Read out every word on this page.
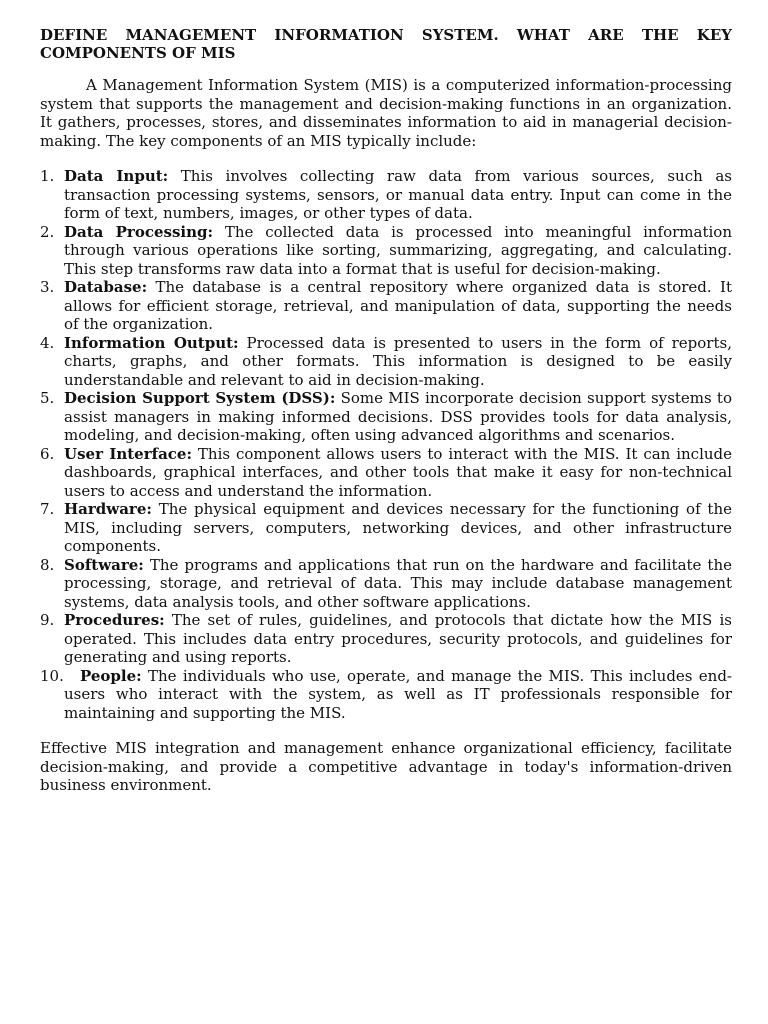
DEFINE MANAGEMENT INFORMATION SYSTEM. WHAT ARE THE KEY COMPONENTS OF MIS

A Management Information System (MIS) is a computerized information-processing system that supports the management and decision-making functions in an organization. It gathers, processes, stores, and disseminates information to aid in managerial decision-making. The key components of an MIS typically include:

1. Data Input: This involves collecting raw data from various sources, such as transaction processing systems, sensors, or manual data entry. Input can come in the form of text, numbers, images, or other types of data.
2. Data Processing: The collected data is processed into meaningful information through various operations like sorting, summarizing, aggregating, and calculating. This step transforms raw data into a format that is useful for decision-making.
3. Database: The database is a central repository where organized data is stored. It allows for efficient storage, retrieval, and manipulation of data, supporting the needs of the organization.
4. Information Output: Processed data is presented to users in the form of reports, charts, graphs, and other formats. This information is designed to be easily understandable and relevant to aid in decision-making.
5. Decision Support System (DSS): Some MIS incorporate decision support systems to assist managers in making informed decisions. DSS provides tools for data analysis, modeling, and decision-making, often using advanced algorithms and scenarios.
6. User Interface: This component allows users to interact with the MIS. It can include dashboards, graphical interfaces, and other tools that make it easy for non-technical users to access and understand the information.
7. Hardware: The physical equipment and devices necessary for the functioning of the MIS, including servers, computers, networking devices, and other infrastructure components.
8. Software: The programs and applications that run on the hardware and facilitate the processing, storage, and retrieval of data. This may include database management systems, data analysis tools, and other software applications.
9. Procedures: The set of rules, guidelines, and protocols that dictate how the MIS is operated. This includes data entry procedures, security protocols, and guidelines for generating and using reports.
10.	People: The individuals who use, operate, and manage the MIS. This includes end-users who interact with the system, as well as IT professionals responsible for maintaining and supporting the MIS.

Effective MIS integration and management enhance organizational efficiency, facilitate decision-making, and provide a competitive advantage in today's information-driven business environment.
